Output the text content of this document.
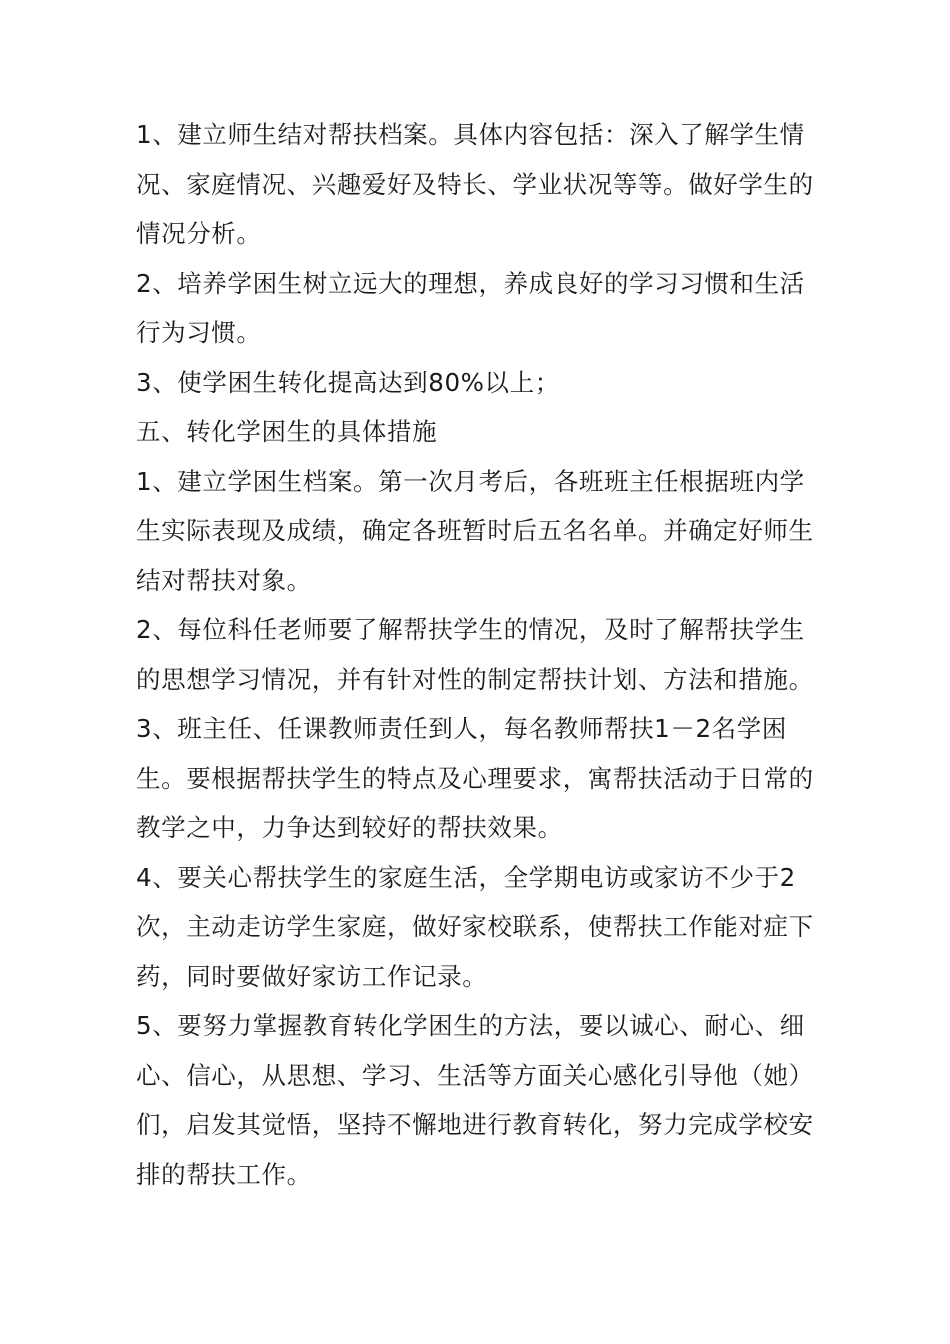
1、建立师生结对帮扶档案。具体内容包括：深入了解学生情况、家庭情况、兴趣爱好及特长、学业状况等等。做好学生的情况分析。

2、培养学困生树立远大的理想，养成良好的学习习惯和生活行为习惯。

3、使学困生转化提高达到80%以上；

五、转化学困生的具体措施

1、建立学困生档案。第一次月考后，各班班主任根据班内学生实际表现及成绩，确定各班暂时后五名名单。并确定好师生结对帮扶对象。

2、每位科任老师要了解帮扶学生的情况，及时了解帮扶学生的思想学习情况，并有针对性的制定帮扶计划、方法和措施。

3、班主任、任课教师责任到人，每名教师帮扶1－2名学困生。要根据帮扶学生的特点及心理要求，寓帮扶活动于日常的教学之中，力争达到较好的帮扶效果。

4、要关心帮扶学生的家庭生活，全学期电访或家访不少于2次，主动走访学生家庭，做好家校联系，使帮扶工作能对症下药，同时要做好家访工作记录。

5、要努力掌握教育转化学困生的方法，要以诚心、耐心、细心、信心，从思想、学习、生活等方面关心感化引导他（她）们，启发其觉悟，坚持不懈地进行教育转化，努力完成学校安排的帮扶工作。
